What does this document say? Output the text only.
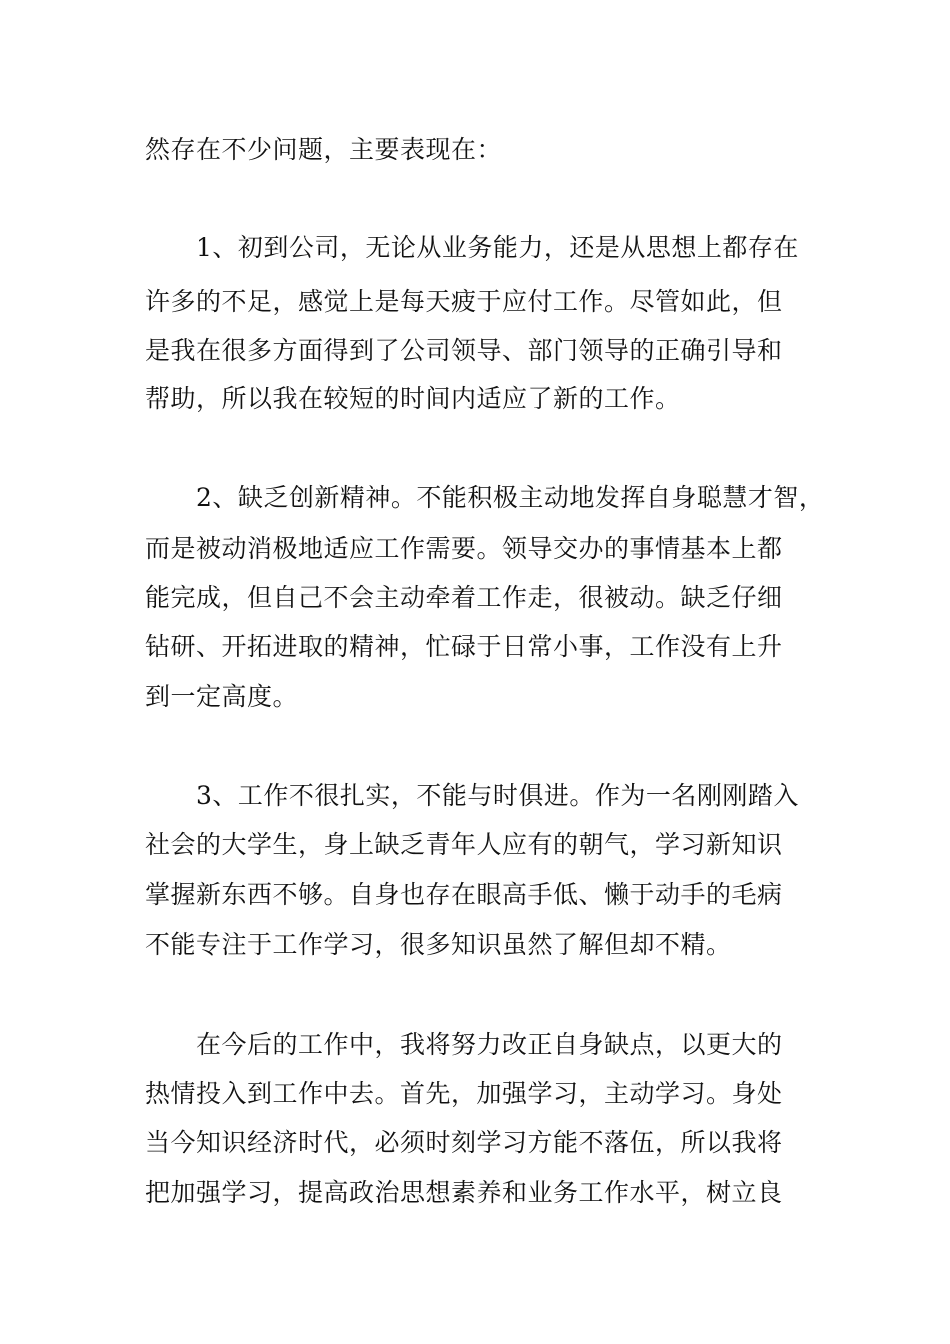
然存在不少问题，主要表现在：
1、初到公司，无论从业务能力，还是从思想上都存在
许多的不足，感觉上是每天疲于应付工作。尽管如此，但
是我在很多方面得到了公司领导、部门领导的正确引导和
帮助，所以我在较短的时间内适应了新的工作。
2、缺乏创新精神。不能积极主动地发挥自身聪慧才智，
而是被动消极地适应工作需要。领导交办的事情基本上都
能完成，但自己不会主动牵着工作走，很被动。缺乏仔细
钻研、开拓进取的精神，忙碌于日常小事，工作没有上升
到一定高度。
3、工作不很扎实，不能与时俱进。作为一名刚刚踏入
社会的大学生，身上缺乏青年人应有的朝气，学习新知识
掌握新东西不够。自身也存在眼高手低、懒于动手的毛病
不能专注于工作学习，很多知识虽然了解但却不精。
在今后的工作中，我将努力改正自身缺点，以更大的
热情投入到工作中去。首先，加强学习，主动学习。身处
当今知识经济时代，必须时刻学习方能不落伍，所以我将
把加强学习，提高政治思想素养和业务工作水平，树立良
